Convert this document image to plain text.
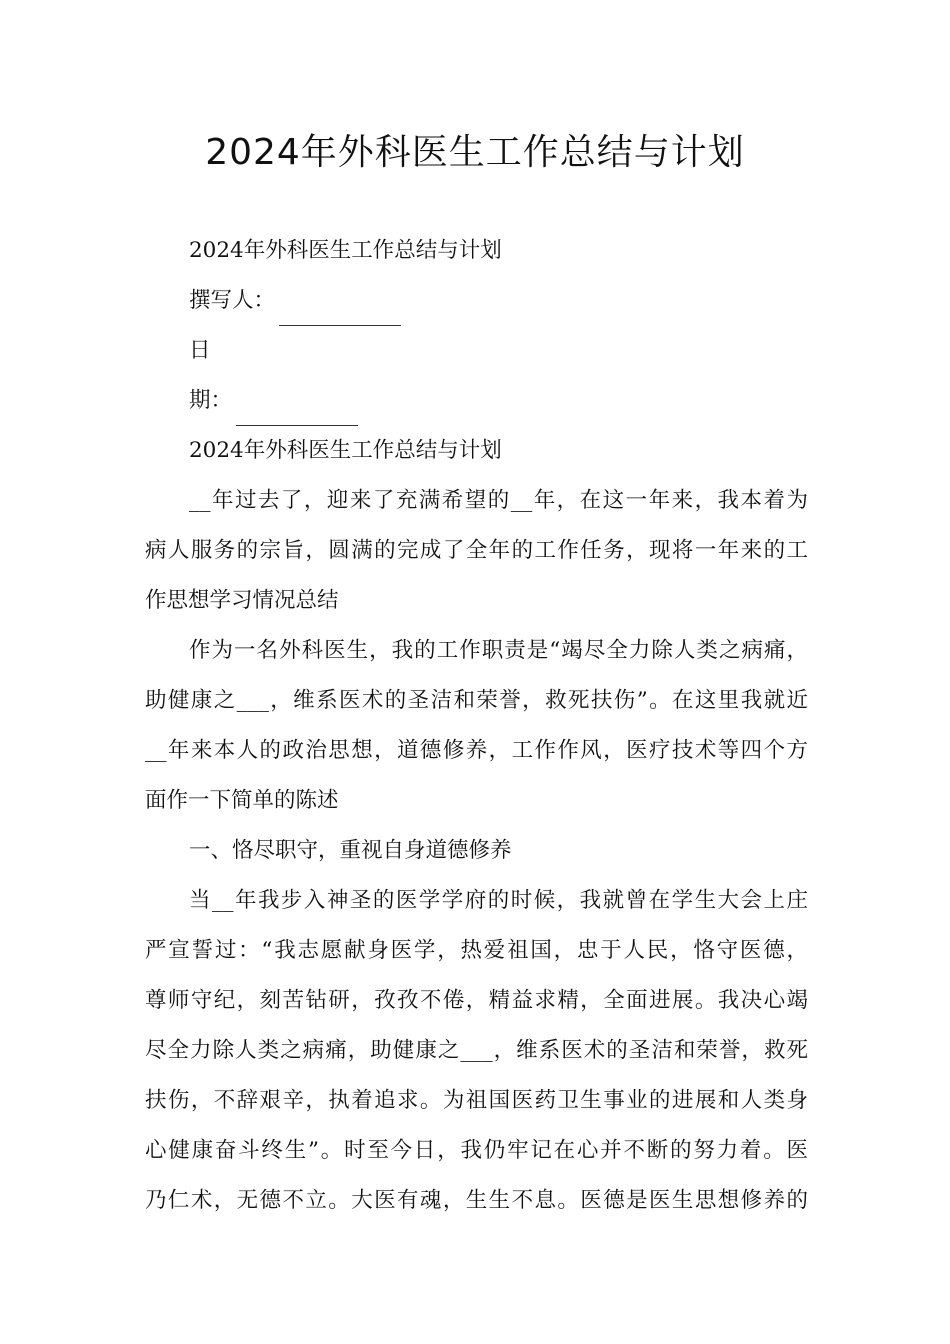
2024年外科医生工作总结与计划
2024年外科医生工作总结与计划
撰写人：
日
期：
2024年外科医生工作总结与计划
__年过去了，迎来了充满希望的__年，在这一年来，我本着为
病人服务的宗旨，圆满的完成了全年的工作任务，现将一年来的工
作思想学习情况总结
作为一名外科医生，我的工作职责是“竭尽全力除人类之病痛，
助健康之___，维系医术的圣洁和荣誉，救死扶伤”。在这里我就近
__年来本人的政治思想，道德修养，工作作风，医疗技术等四个方
面作一下简单的陈述
一、恪尽职守，重视自身道德修养
当__年我步入神圣的医学学府的时候，我就曾在学生大会上庄
严宣誓过：“我志愿献身医学，热爱祖国，忠于人民，恪守医德，
尊师守纪，刻苦钻研，孜孜不倦，精益求精，全面进展。我决心竭
尽全力除人类之病痛，助健康之___，维系医术的圣洁和荣誉，救死
扶伤，不辞艰辛，执着追求。为祖国医药卫生事业的进展和人类身
心健康奋斗终生”。时至今日，我仍牢记在心并不断的努力着。医
乃仁术，无德不立。大医有魂，生生不息。医德是医生思想修养的
